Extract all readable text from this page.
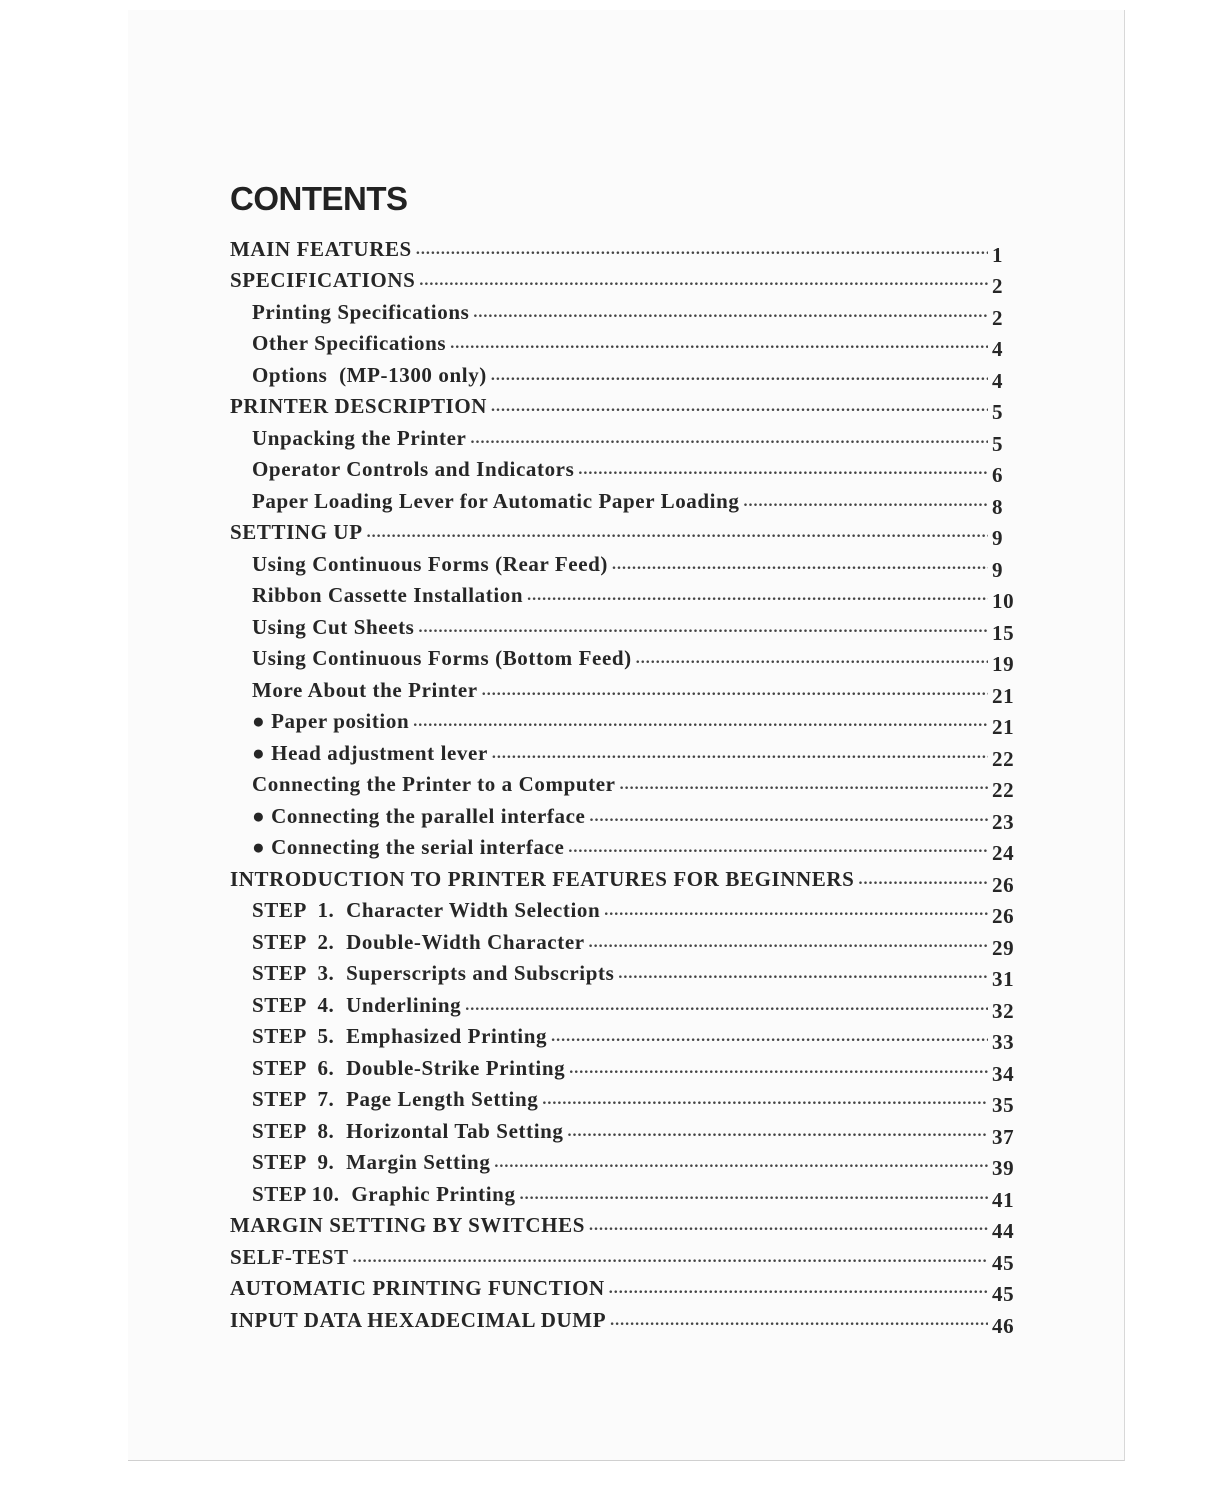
CONTENTS
MAIN FEATURES .....	1
SPECIFICATIONS .....	2
Printing Specifications .....	2
Other Specifications .....	4
Options  (MP-1300 only) .....	4
PRINTER DESCRIPTION .....	5
Unpacking the Printer .....	5
Operator Controls and Indicators .....	6
Paper Loading Lever for Automatic Paper Loading .....	8
SETTING UP .....	9
Using Continuous Forms (Rear Feed) .....	9
Ribbon Cassette Installation .....	10
Using Cut Sheets .....	15
Using Continuous Forms (Bottom Feed) .....	19
More About the Printer .....	21
● Paper position .....	21
● Head adjustment lever .....	22
Connecting the Printer to a Computer .....	22
● Connecting the parallel interface .....	23
● Connecting the serial interface .....	24
INTRODUCTION TO PRINTER FEATURES FOR BEGINNERS .....	26
STEP  1.  Character Width Selection .....	26
STEP  2.  Double-Width Character .....	29
STEP  3.  Superscripts and Subscripts .....	31
STEP  4.  Underlining .....	32
STEP  5.  Emphasized Printing .....	33
STEP  6.  Double-Strike Printing .....	34
STEP  7.  Page Length Setting .....	35
STEP  8.  Horizontal Tab Setting .....	37
STEP  9.  Margin Setting .....	39
STEP 10.  Graphic Printing .....	41
MARGIN SETTING BY SWITCHES .....	44
SELF-TEST .....	45
AUTOMATIC PRINTING FUNCTION .....	45
INPUT DATA HEXADECIMAL DUMP .....	46
